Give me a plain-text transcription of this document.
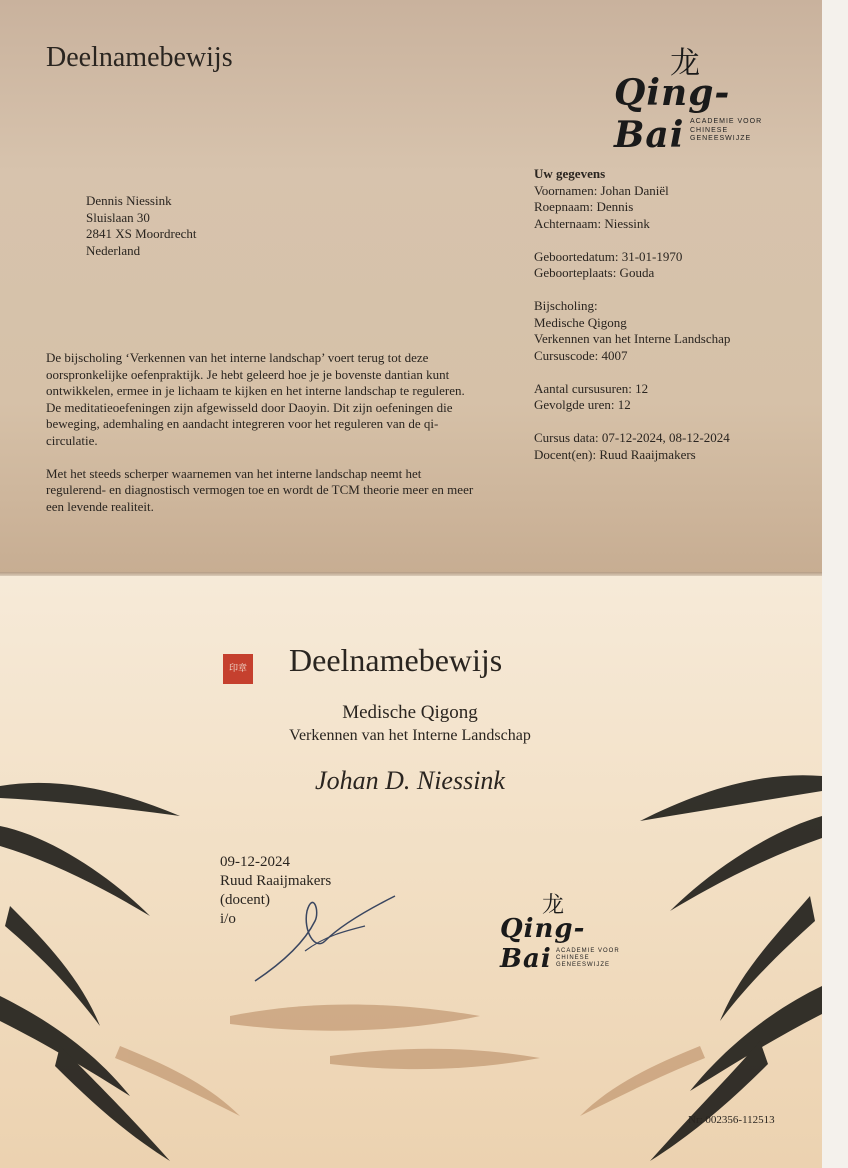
Deelnamebewijs	龙
Qing-Bai ACADEMIE VOOR
CHINESE GENEESWIJZE
Dennis Niessink
Sluislaan 30
2841 XS Moordrecht
Nederland
Uw gegevens
Voornamen: Johan Daniël
Roepnaam: Dennis
Achternaam: Niessink
Geboortedatum: 31-01-1970
Geboorteplaats: Gouda
Bijscholing:
Medische Qigong
Verkennen van het Interne Landschap
Cursuscode: 4007
Aantal cursusuren: 12
Gevolgde uren: 12
Cursus data: 07-12-2024, 08-12-2024
Docent(en): Ruud Raaijmakers
De bijscholing ‘Verkennen van het interne landschap’ voert terug tot deze
oorspronkelijke oefenpraktijk. Je hebt geleerd hoe je je bovenste dantian kunt
ontwikkelen, ermee in je lichaam te kijken en het interne landschap te reguleren.
De meditatieoefeningen zijn afgewisseld door Daoyin. Dit zijn oefeningen die
beweging, ademhaling en aandacht integreren voor het reguleren van de qi-
circulatie.
Met het steeds scherper waarnemen van het interne landschap neemt het
regulerend- en diagnostisch vermogen toe en wordt de TCM theorie meer en meer
een levende realiteit.
印章 Deelnamebewijs
Medische Qigong
Verkennen van het Interne Landschap
Johan D. Niessink
09-12-2024
Ruud Raaijmakers
(docent)
i/o
龙
Qing-Bai ACADEMIE VOOR
CHINESE GENEESWIJZE
Nr: 002356-112513
